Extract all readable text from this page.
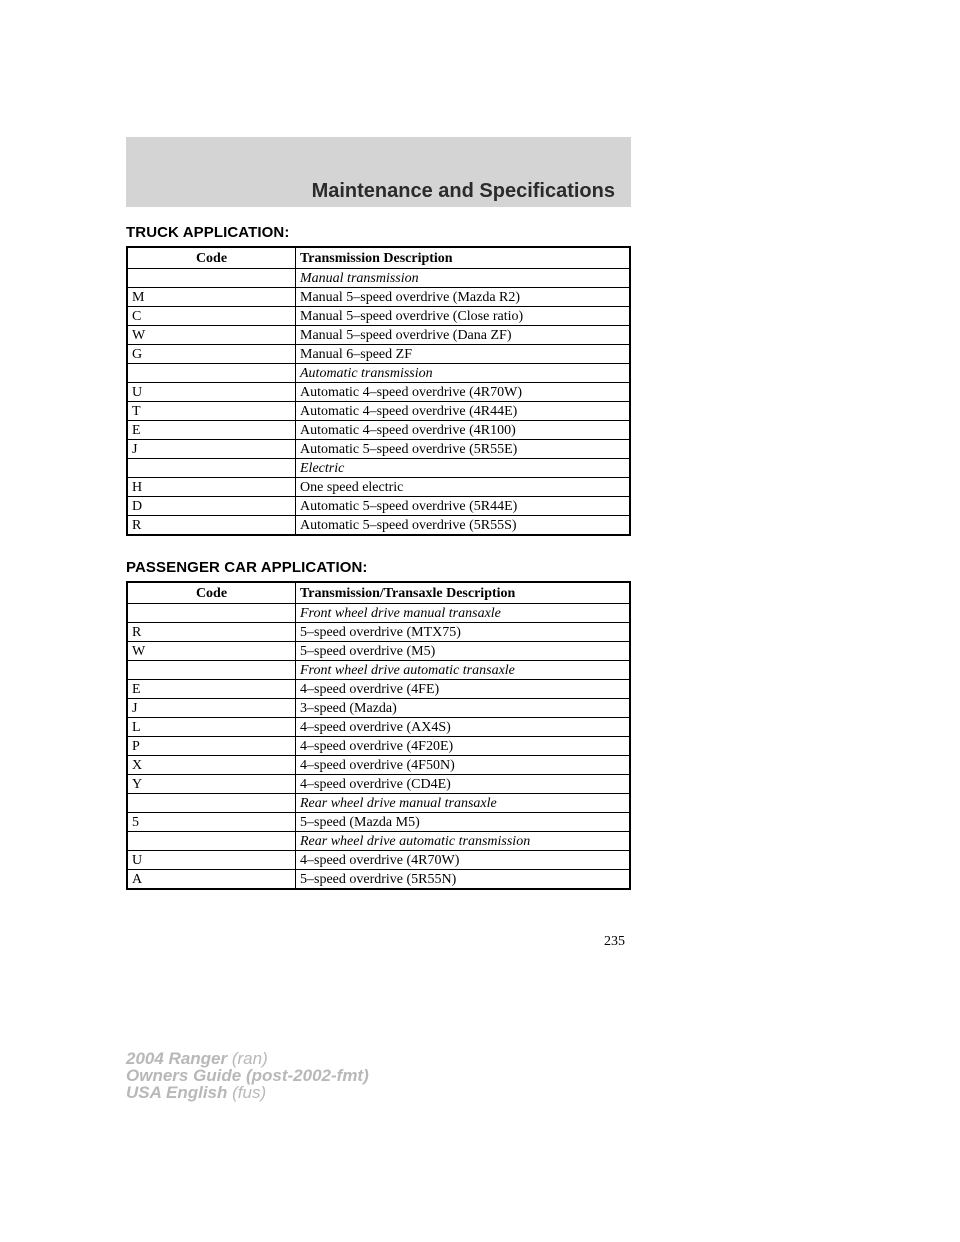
Maintenance and Specifications
TRUCK APPLICATION:
Code	Transmission Description
	Manual transmission
M	Manual 5–speed overdrive (Mazda R2)
C	Manual 5–speed overdrive (Close ratio)
W	Manual 5–speed overdrive (Dana ZF)
G	Manual 6–speed ZF
	Automatic transmission
U	Automatic 4–speed overdrive (4R70W)
T	Automatic 4–speed overdrive (4R44E)
E	Automatic 4–speed overdrive (4R100)
J	Automatic 5–speed overdrive (5R55E)
	Electric
H	One speed electric
D	Automatic 5–speed overdrive (5R44E)
R	Automatic 5–speed overdrive (5R55S)
PASSENGER CAR APPLICATION:
Code	Transmission/Transaxle Description
	Front wheel drive manual transaxle
R	5–speed overdrive (MTX75)
W	5–speed overdrive (M5)
	Front wheel drive automatic transaxle
E	4–speed overdrive (4FE)
J	3–speed (Mazda)
L	4–speed overdrive (AX4S)
P	4–speed overdrive (4F20E)
X	4–speed overdrive (4F50N)
Y	4–speed overdrive (CD4E)
	Rear wheel drive manual transaxle
5	5–speed (Mazda M5)
	Rear wheel drive automatic transmission
U	4–speed overdrive (4R70W)
A	5–speed overdrive (5R55N)
235
2004 Ranger (ran)
Owners Guide (post-2002-fmt)
USA English (fus)
